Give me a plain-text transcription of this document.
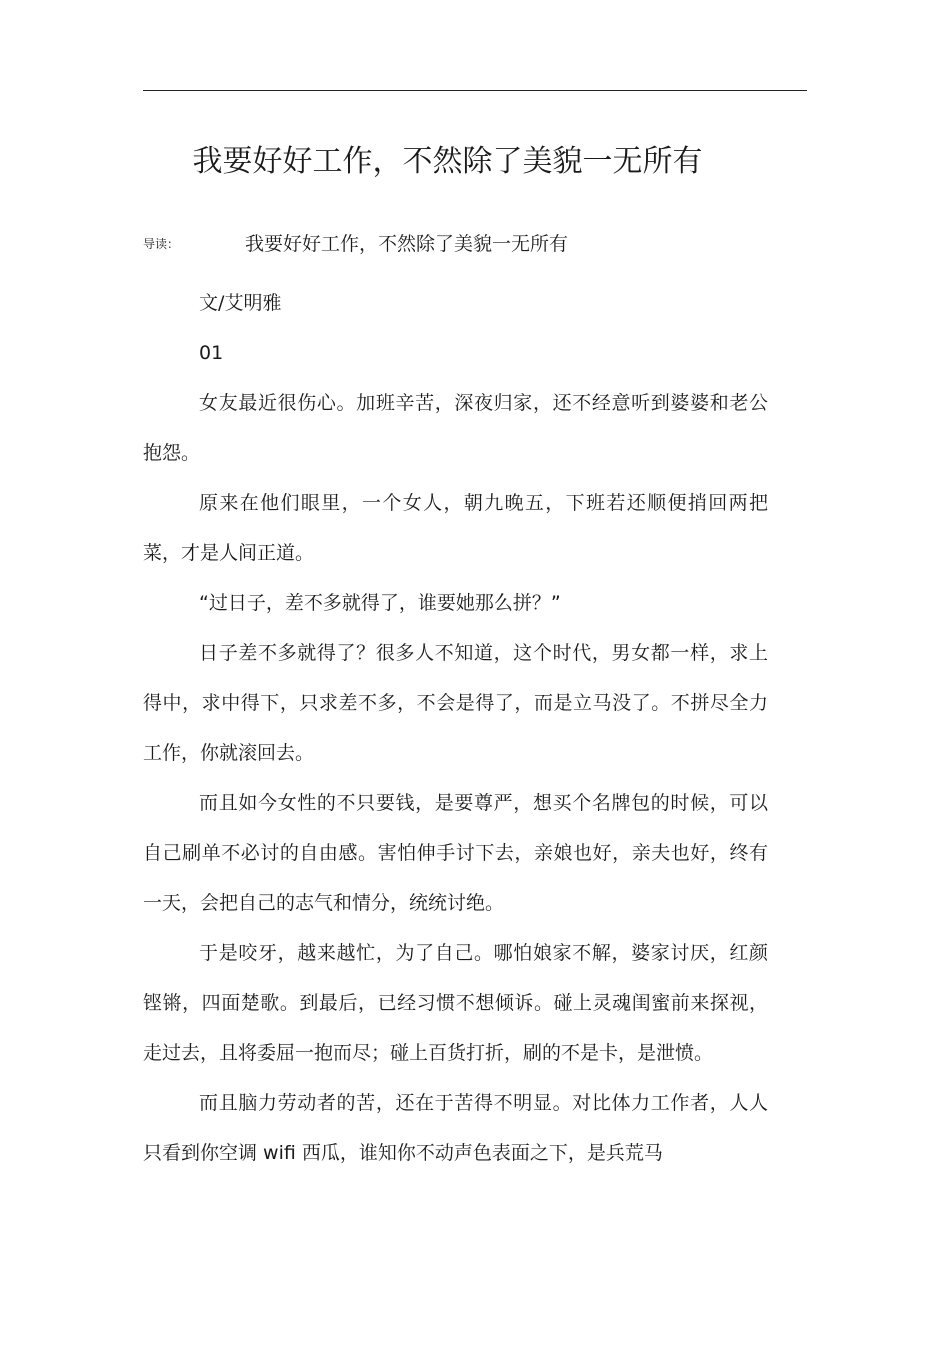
我要好好工作，不然除了美貌一无所有
导读：	我要好好工作，不然除了美貌一无所有

文/艾明雅

01

女友最近很伤心。加班辛苦，深夜归家，还不经意听到婆婆和老公抱怨。

原来在他们眼里，一个女人，朝九晚五，下班若还顺便捎回两把菜，才是人间正道。

“过日子，差不多就得了，谁要她那么拼？”

日子差不多就得了？很多人不知道，这个时代，男女都一样，求上得中，求中得下，只求差不多，不会是得了，而是立马没了。不拼尽全力工作，你就滚回去。

而且如今女性的不只要钱，是要尊严，想买个名牌包的时候，可以自己刷单不必讨的自由感。害怕伸手讨下去，亲娘也好，亲夫也好，终有一天，会把自己的志气和情分，统统讨绝。

于是咬牙，越来越忙，为了自己。哪怕娘家不解，婆家讨厌，红颜铿锵，四面楚歌。到最后，已经习惯不想倾诉。碰上灵魂闺蜜前来探视，走过去，且将委屈一抱而尽；碰上百货打折，刷的不是卡，是泄愤。

而且脑力劳动者的苦，还在于苦得不明显。对比体力工作者，人人只看到你空调 wifi 西瓜，谁知你不动声色表面之下，是兵荒马
